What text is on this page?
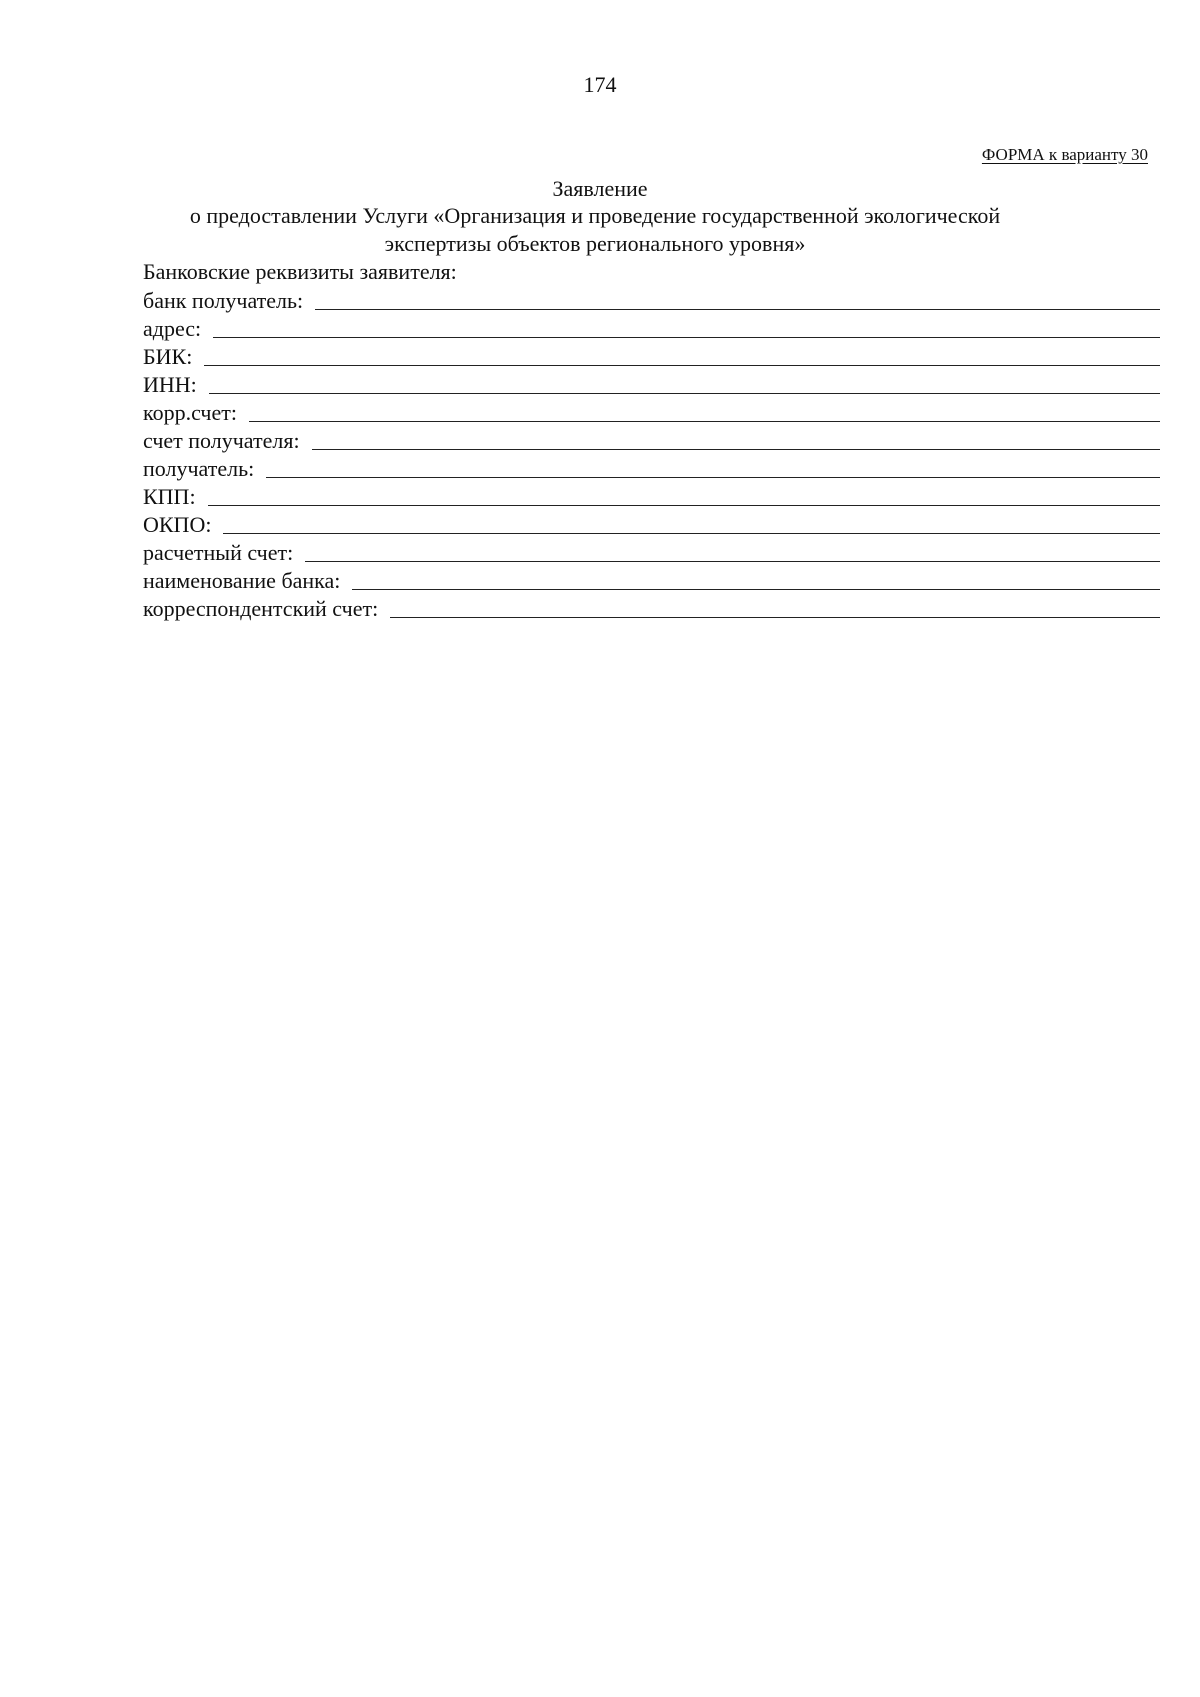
174
ФОРМА к варианту 30
Заявление
о предоставлении Услуги «Организация и проведение государственной экологической экспертизы объектов регионального уровня»
Банковские реквизиты заявителя:
банк получатель:
адрес:
БИК:
ИНН:
корр.счет:
счет получателя:
получатель:
КПП:
ОКПО:
расчетный счет:
наименование банка:
корреспондентский счет:
